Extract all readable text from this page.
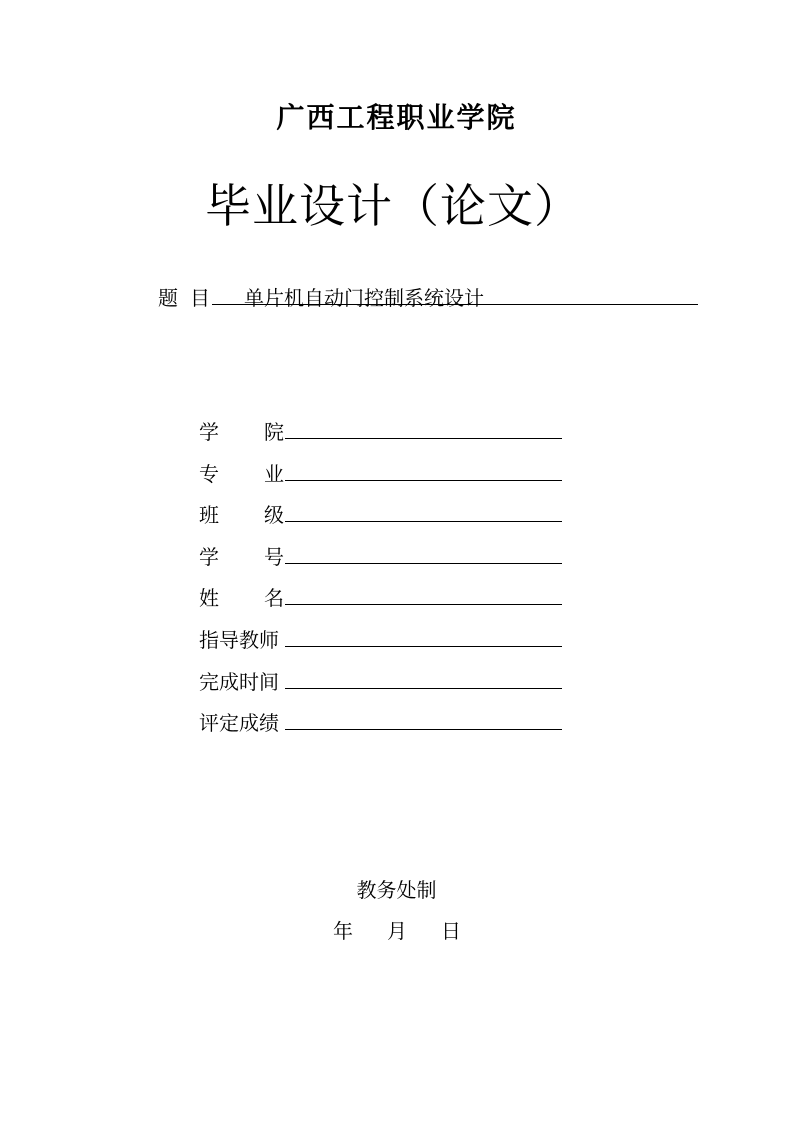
广西工程职业学院
毕业设计（论文）
题 目 单片机自动门控制系统设计
学 院
专 业
班 级
学 号
姓 名
指导教师
完成时间
评定成绩
教务处制
年 月 日
